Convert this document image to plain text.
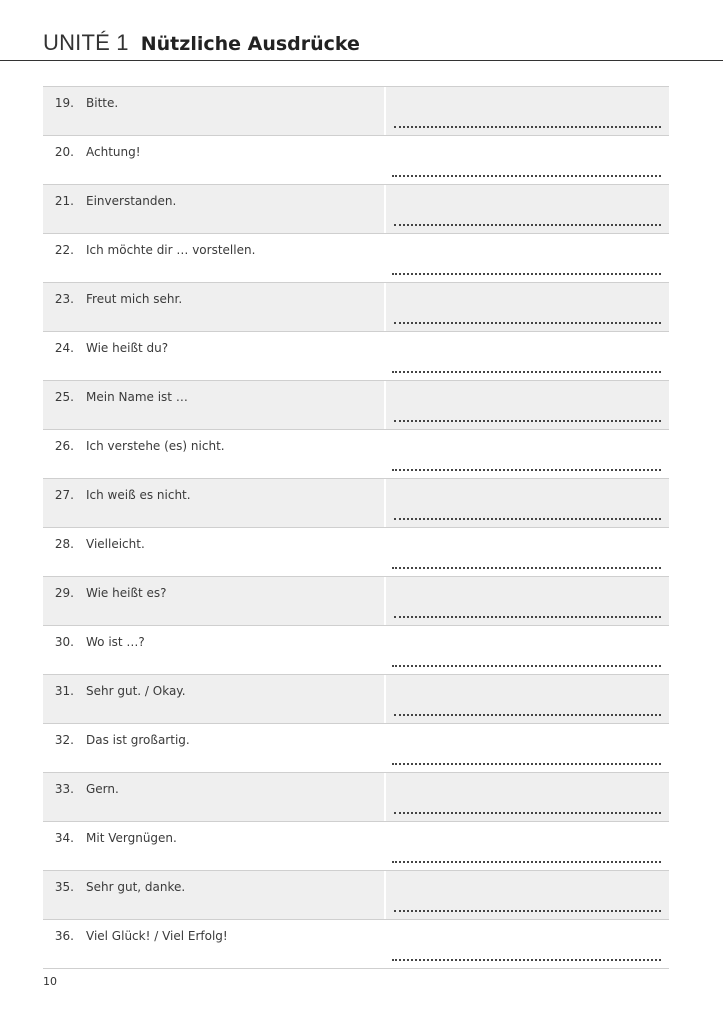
UNITÉ 1 Nützliche Ausdrücke
19. Bitte.
20. Achtung!
21. Einverstanden.
22. Ich möchte dir … vorstellen.
23. Freut mich sehr.
24. Wie heißt du?
25. Mein Name ist …
26. Ich verstehe (es) nicht.
27. Ich weiß es nicht.
28. Vielleicht.
29. Wie heißt es?
30. Wo ist …?
31. Sehr gut. / Okay.
32. Das ist großartig.
33. Gern.
34. Mit Vergnügen.
35. Sehr gut, danke.
36. Viel Glück! / Viel Erfolg!
10
